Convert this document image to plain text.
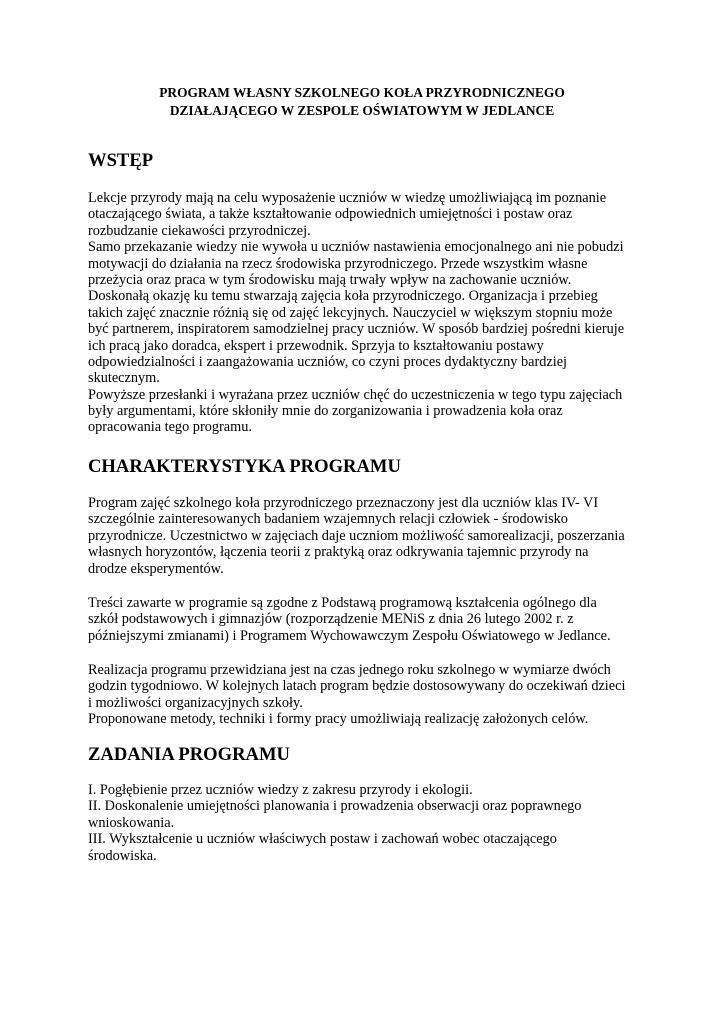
PROGRAM WŁASNY SZKOLNEGO KOŁA PRZYRODNICZNEGO
DZIAŁAJĄCEGO W ZESPOLE OŚWIATOWYM W JEDLANCE
WSTĘP
Lekcje przyrody mają na celu wyposażenie uczniów w wiedzę umożliwiającą im poznanie
otaczającego świata, a także kształtowanie odpowiednich umiejętności i postaw oraz
rozbudzanie ciekawości przyrodniczej.
Samo przekazanie wiedzy nie wywoła u uczniów nastawienia emocjonalnego ani nie pobudzi
motywacji do działania na rzecz środowiska przyrodniczego. Przede wszystkim własne
przeżycia oraz praca w tym środowisku mają trwały wpływ na zachowanie uczniów.
Doskonałą okazję ku temu stwarzają zajęcia koła przyrodniczego. Organizacja i przebieg
takich zajęć znacznie różnią się od zajęć lekcyjnych. Nauczyciel w większym stopniu może
być partnerem, inspiratorem samodzielnej pracy uczniów. W sposób bardziej pośredni kieruje
ich pracą jako doradca, ekspert i przewodnik. Sprzyja to kształtowaniu postawy
odpowiedzialności i zaangażowania uczniów, co czyni proces dydaktyczny bardziej
skutecznym.
Powyższe przesłanki i wyrażana przez uczniów chęć do uczestniczenia w tego typu zajęciach
były argumentami, które skłoniły mnie do zorganizowania i prowadzenia koła oraz
opracowania tego programu.
CHARAKTERYSTYKA PROGRAMU
Program zajęć szkolnego koła przyrodniczego przeznaczony jest dla uczniów klas IV- VI
szczególnie zainteresowanych badaniem wzajemnych relacji człowiek - środowisko
przyrodnicze. Uczestnictwo w zajęciach daje uczniom możliwość samorealizacji, poszerzania
własnych horyzontów, łączenia teorii z praktyką oraz odkrywania tajemnic przyrody na
drodze eksperymentów.
Treści zawarte w programie są zgodne z Podstawą programową kształcenia ogólnego dla
szkół podstawowych i gimnazjów (rozporządzenie MENiS z dnia 26 lutego 2002 r. z
późniejszymi zmianami) i Programem Wychowawczym Zespołu Oświatowego w Jedlance.
Realizacja programu przewidziana jest na czas jednego roku szkolnego w wymiarze dwóch
godzin tygodniowo. W kolejnych latach program będzie dostosowywany do oczekiwań dzieci
i możliwości organizacyjnych szkoły.
Proponowane metody, techniki i formy pracy umożliwiają realizację założonych celów.
ZADANIA PROGRAMU
I. Pogłębienie przez uczniów wiedzy z zakresu przyrody i ekologii.
II. Doskonalenie umiejętności planowania i prowadzenia obserwacji oraz poprawnego
wnioskowania.
III. Wykształcenie u uczniów właściwych postaw i zachowań wobec otaczającego
środowiska.
